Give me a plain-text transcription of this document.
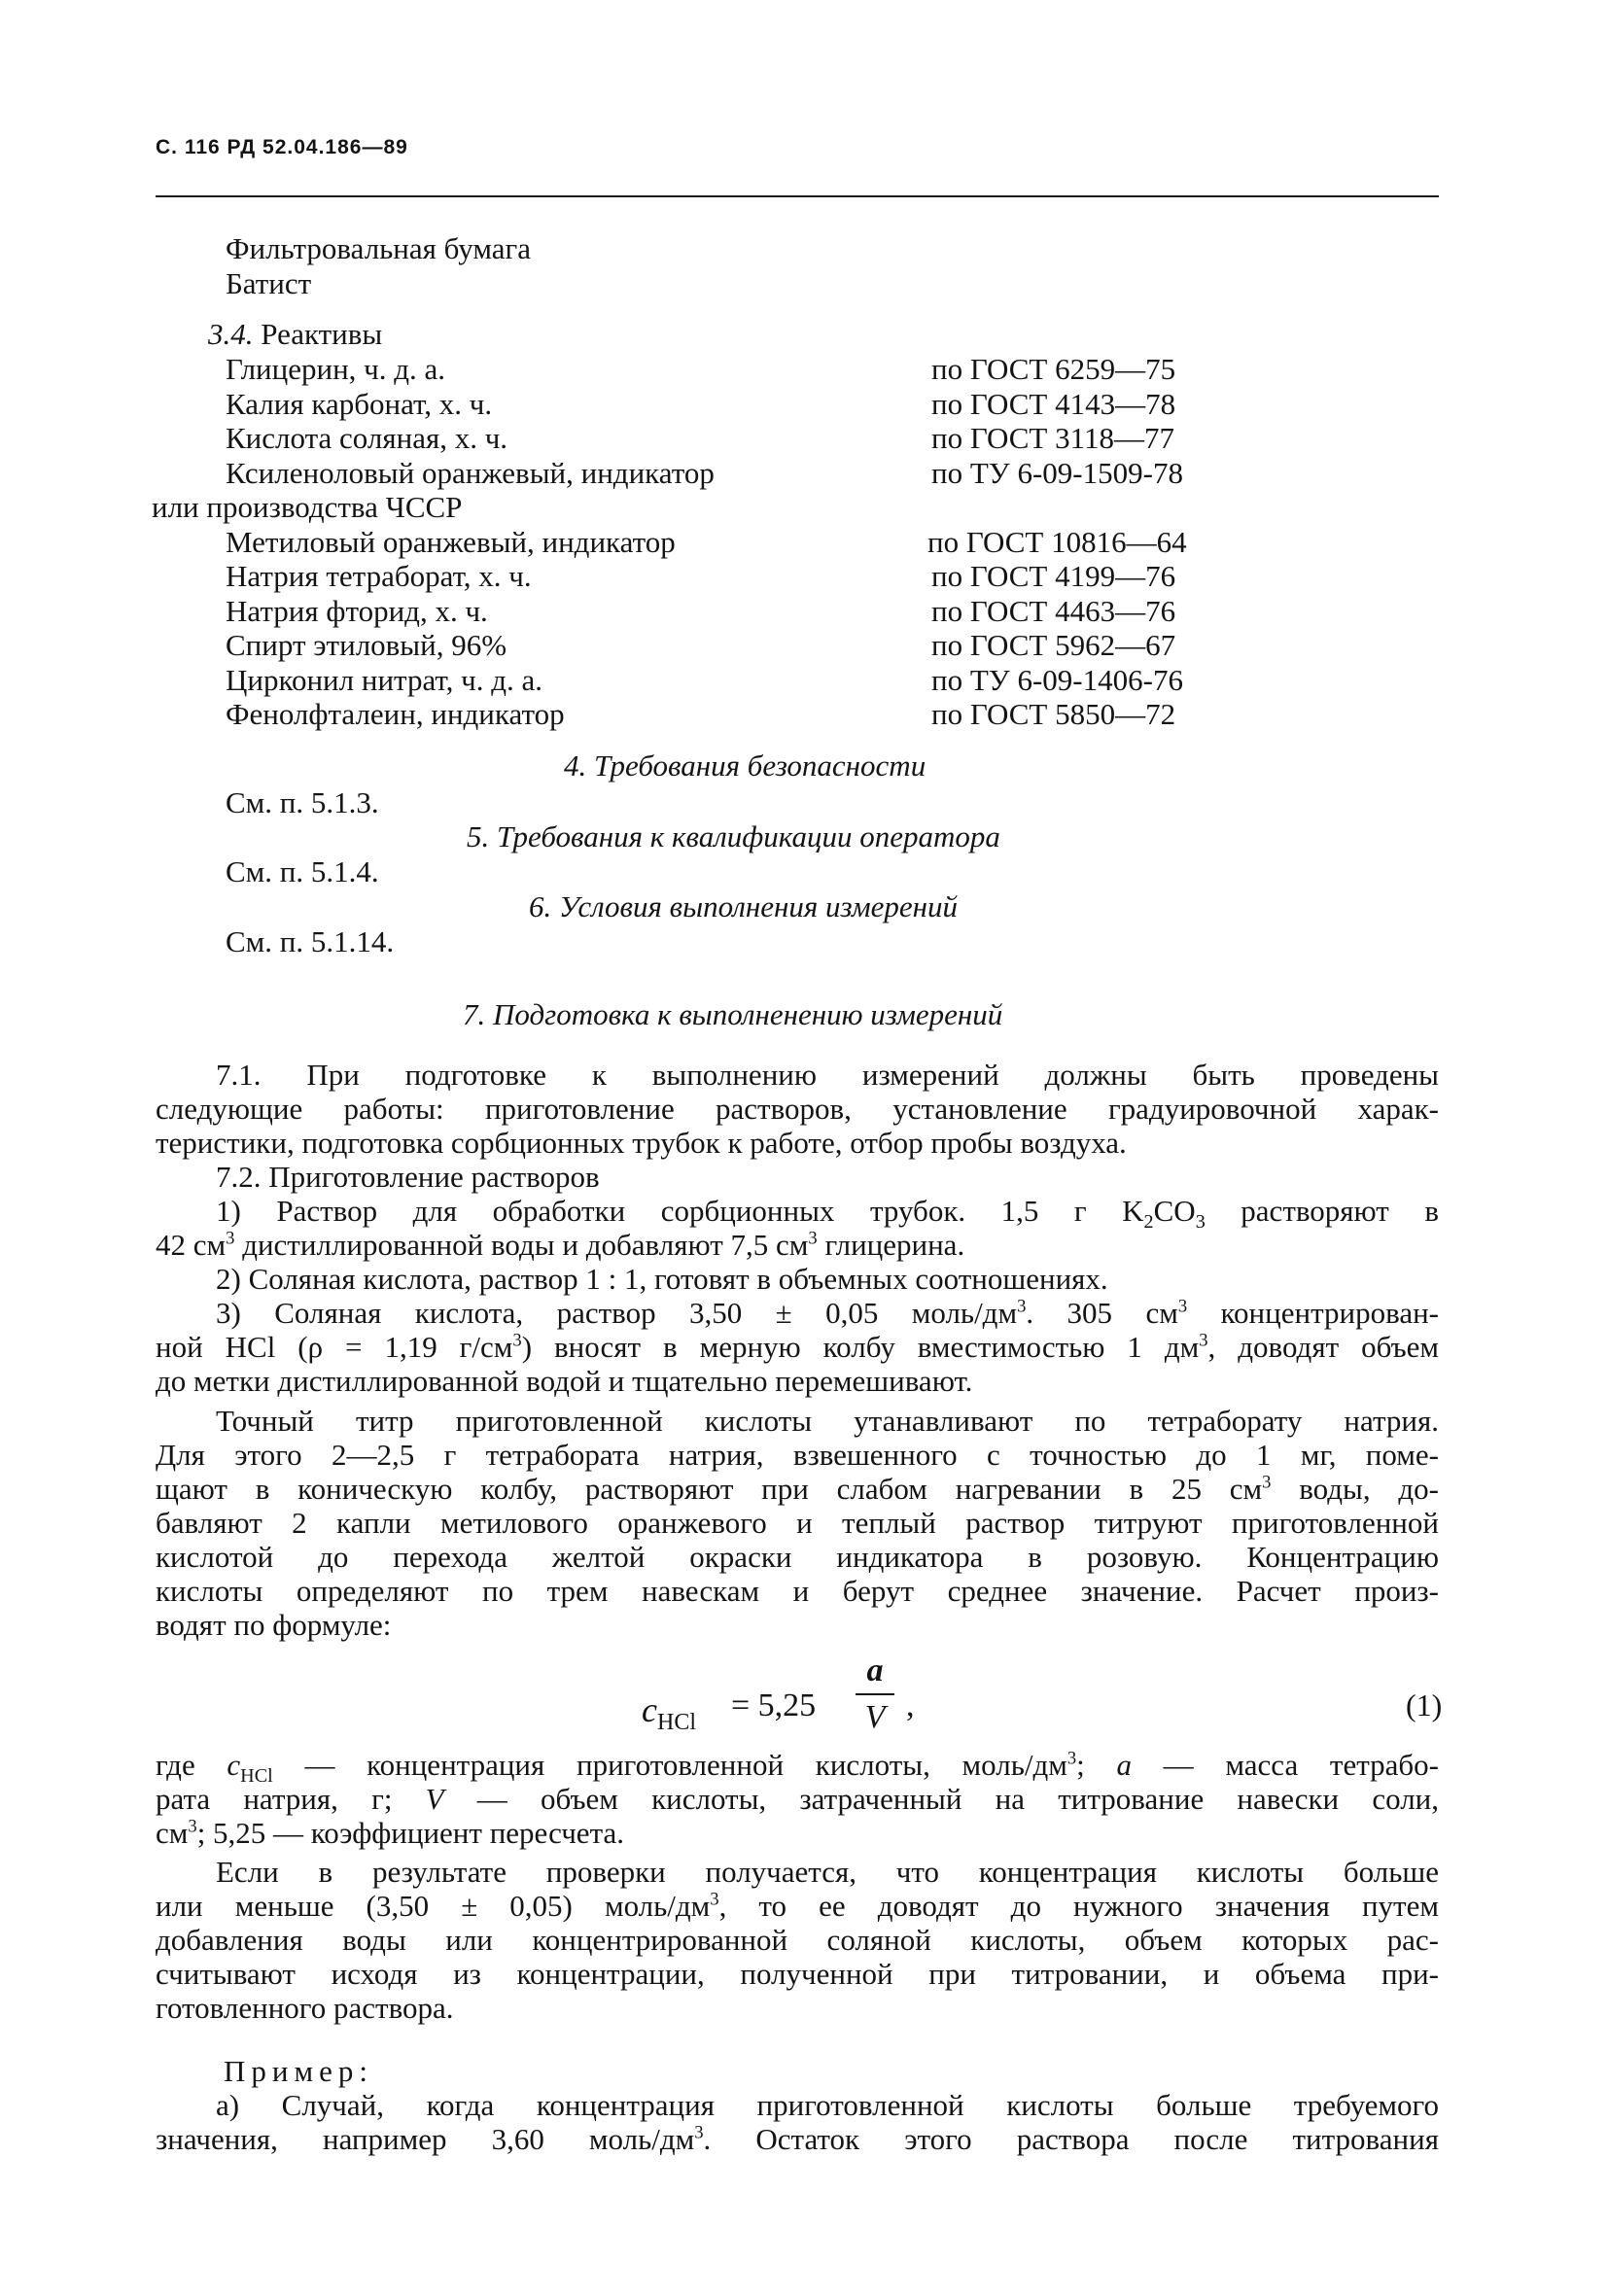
С. 116 РД 52.04.186—89
Фильтровальная бумага
Батист
3.4. Реактивы
Глицерин, ч. д. а.	по ГОСТ 6259—75
Калия карбонат, х. ч.	по ГОСТ 4143—78
Кислота соляная, х. ч.	по ГОСТ 3118—77
Ксиленоловый оранжевый, индикатор	по ТУ 6-09-1509-78
или производства ЧССР
Метиловый оранжевый, индикатор	по ГОСТ 10816—64
Натрия тетраборат, х. ч.	по ГОСТ 4199—76
Натрия фторид, х. ч.	по ГОСТ 4463—76
Спирт этиловый, 96%	по ГОСТ 5962—67
Цирконил нитрат, ч. д. а.	по ТУ 6-09-1406-76
Фенолфталеин, индикатор	по ГОСТ 5850—72
4. Требования безопасности
См. п. 5.1.3.
5. Требования к квалификации оператора
См. п. 5.1.4.
6. Условия выполнения измерений
См. п. 5.1.14.
7. Подготовка к выполненению измерений
7.1. При подготовке к выполнению измерений должны быть проведены
следующие работы: приготовление растворов, установление градуировочной харак-
теристики, подготовка сорбционных трубок к работе, отбор пробы воздуха.
7.2. Приготовление растворов
1) Раствор для обработки сорбционных трубок. 1,5 г $K_2CO_3$ растворяют в
42 $см^3$ дистиллированной воды и добавляют 7,5 $см^3$ глицерина.
2) Соляная кислота, раствор 1 : 1, готовят в объемных соотношениях.
3) Соляная кислота, раствор 3,50 ± 0,05 моль/$дм^3$. 305 $см^3$ концентрирован-
ной HCl (ρ = 1,19 $г/см^3$) вносят в мерную колбу вместимостью 1 $дм^3$, доводят объем
до метки дистиллированной водой и тщательно перемешивают.
Точный титр приготовленной кислоты утанавливают по тетраборату натрия.
Для этого 2—2,5 г тетрабората натрия, взвешенного с точностью до 1 мг, поме-
щают в коническую колбу, растворяют при слабом нагревании в 25 $см^3$ воды, до-
бавляют 2 капли метилового оранжевого и теплый раствор титруют приготовленной
кислотой до перехода желтой окраски индикатора в розовую. Концентрацию
кислоты определяют по трем навескам и берут среднее значение. Расчет произ-
водят по формуле:
$c_{HCl} = 5,25$
a
V ,	(1)
где $c_{HCl}$ — концентрация приготовленной кислоты, моль/$дм^3$; a — масса тетрабо-
рата натрия, г; V — объем кислоты, затраченный на титрование навески соли,
$см^3$; 5,25 — коэффициент пересчета.
Если в результате проверки получается, что концентрация кислоты больше
или меньше (3,50 ± 0,05) моль/$дм^3$, то ее доводят до нужного значения путем
добавления воды или концентрированной соляной кислоты, объем которых рас-
считывают исходя из концентрации, полученной при титровании, и объема при-
готовленного раствора.
Пример:
а) Случай, когда концентрация приготовленной кислоты больше требуемого
значения, например 3,60 моль/$дм^3$. Остаток этого раствора после титрования
